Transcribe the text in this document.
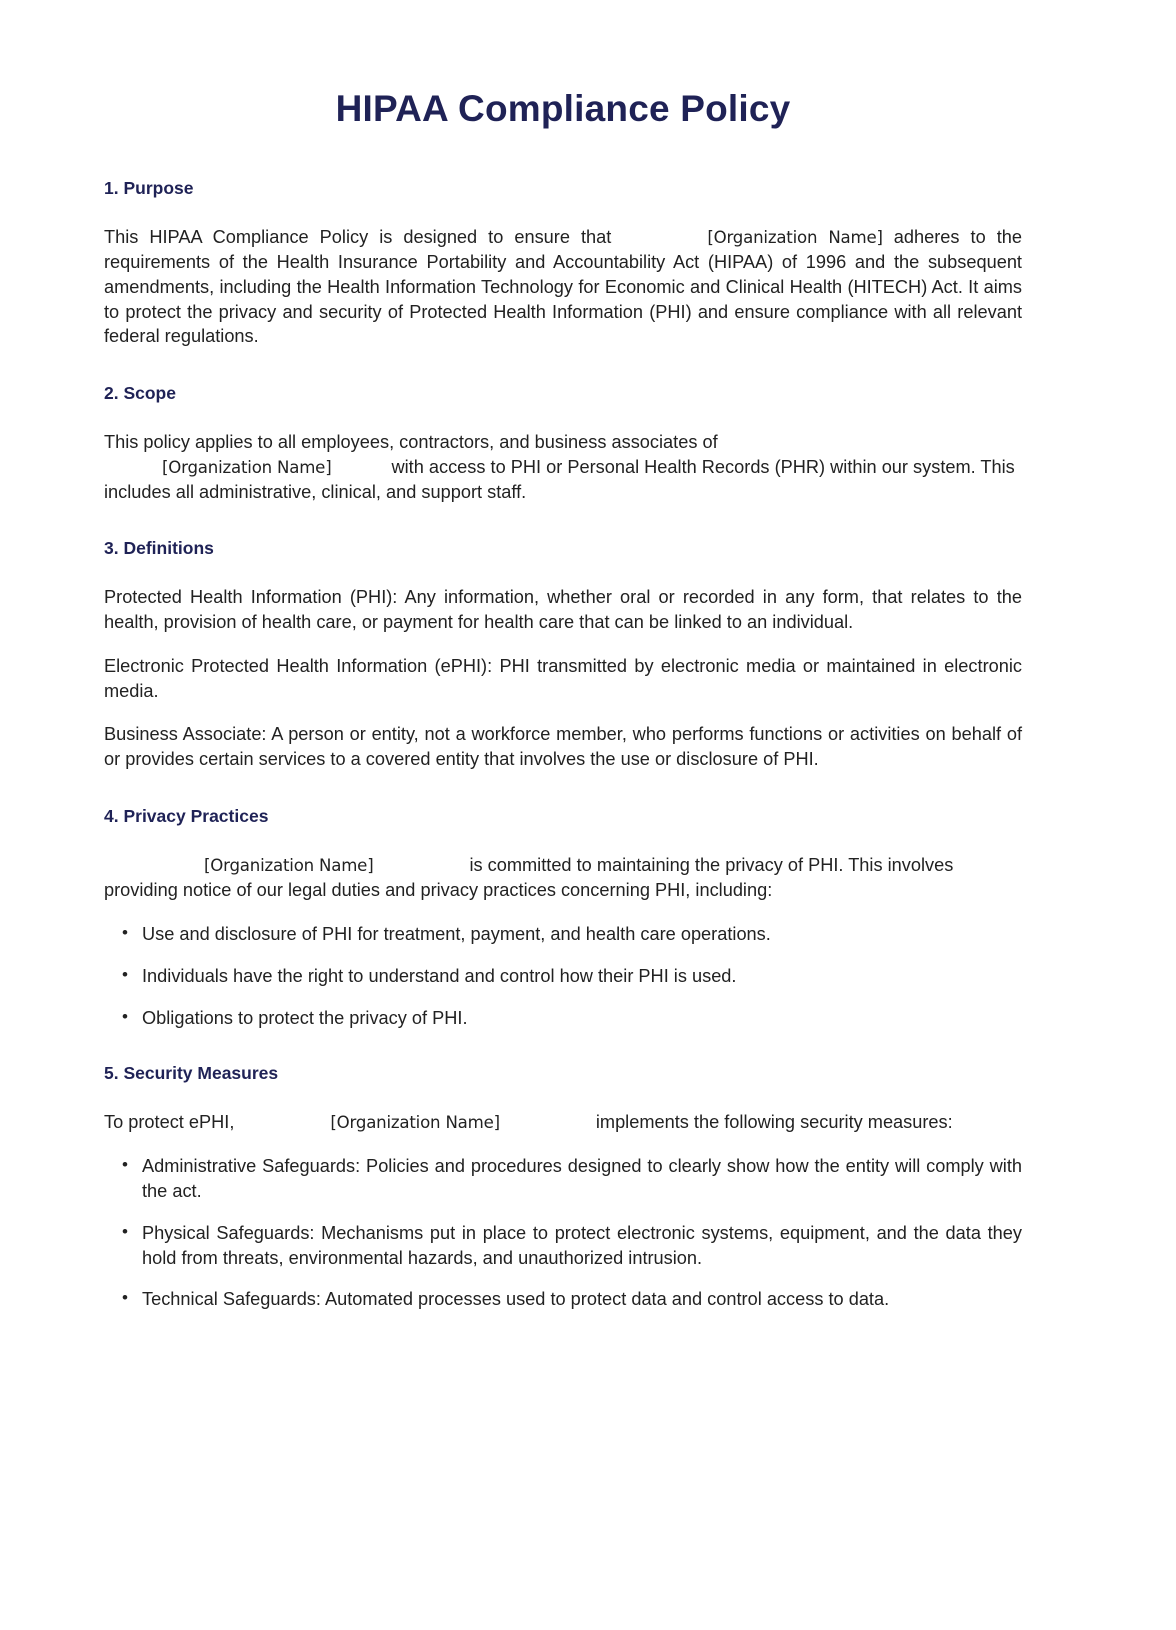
HIPAA Compliance Policy
1. Purpose

This HIPAA Compliance Policy is designed to ensure that	[Organization Name] adheres to the requirements of the Health Insurance Portability and Accountability Act (HIPAA) of 1996 and the subsequent amendments, including the Health Information Technology for Economic and Clinical Health (HITECH) Act. It aims to protect the privacy and security of Protected Health Information (PHI) and ensure compliance with all relevant federal regulations.

2. Scope

This policy applies to all employees, contractors, and business associates of
[Organization Name]	with access to PHI or Personal Health Records (PHR) within our system. This includes all administrative, clinical, and support staff.

3. Definitions

Protected Health Information (PHI): Any information, whether oral or recorded in any form, that relates to the health, provision of health care, or payment for health care that can be linked to an individual.

Electronic Protected Health Information (ePHI): PHI transmitted by electronic media or maintained in electronic media.

Business Associate: A person or entity, not a workforce member, who performs functions or activities on behalf of or provides certain services to a covered entity that involves the use or disclosure of PHI.

4. Privacy Practices

[Organization Name]	is committed to maintaining the privacy of PHI. This involves providing notice of our legal duties and privacy practices concerning PHI, including:

• Use and disclosure of PHI for treatment, payment, and health care operations.
• Individuals have the right to understand and control how their PHI is used.
• Obligations to protect the privacy of PHI.
5. Security Measures

To protect ePHI,	[Organization Name]	implements the following security measures:

• Administrative Safeguards: Policies and procedures designed to clearly show how the entity will comply with the act.
• Physical Safeguards: Mechanisms put in place to protect electronic systems, equipment, and the data they hold from threats, environmental hazards, and unauthorized intrusion.
• Technical Safeguards: Automated processes used to protect data and control access to data.
